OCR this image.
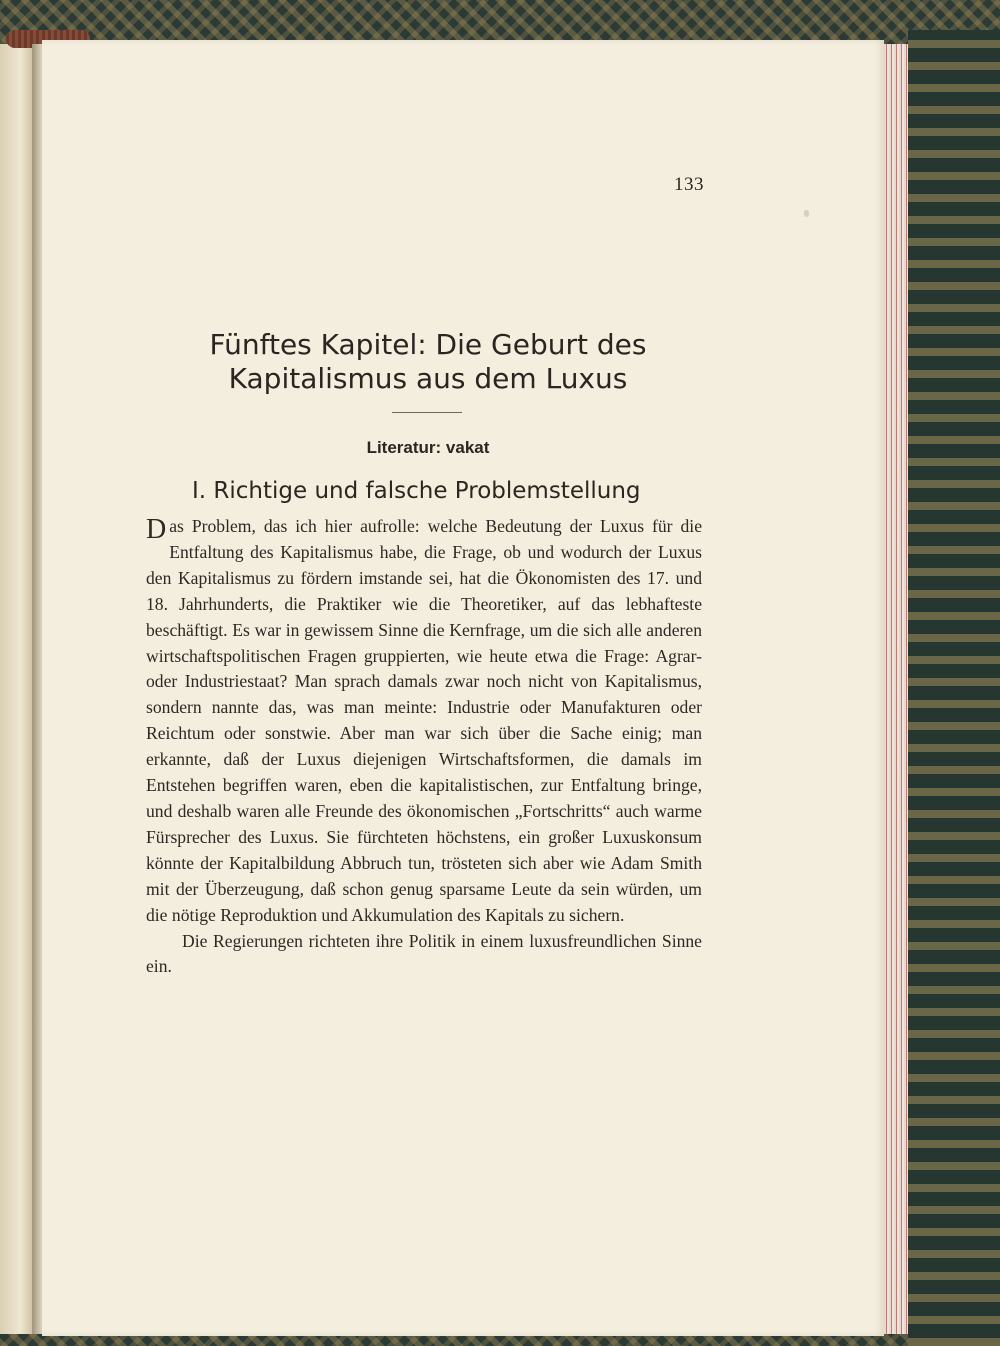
133
Fünftes Kapitel: Die Geburt des Kapitalismus aus dem Luxus
Literatur: vakat
I. Richtige und falsche Problemstellung

Das Problem, das ich hier aufrolle: welche Bedeutung der Luxus für die Entfaltung des Kapitalismus habe, die Frage, ob und wodurch der Luxus den Kapitalismus zu fördern imstande sei, hat die Ökonomisten des 17. und 18. Jahrhunderts, die Praktiker wie die Theoretiker, auf das lebhafteste beschäftigt. Es war in gewissem Sinne die Kernfrage, um die sich alle anderen wirtschaftspolitischen Fragen gruppierten, wie heute etwa die Frage: Agrar- oder Industriestaat? Man sprach damals zwar noch nicht von Kapitalismus, sondern nannte das, was man meinte: Industrie oder Manufakturen oder Reichtum oder sonstwie. Aber man war sich über die Sache einig; man erkannte, daß der Luxus diejenigen Wirtschaftsformen, die damals im Entstehen begriffen waren, eben die kapitalistischen, zur Entfaltung bringe, und deshalb waren alle Freunde des ökonomischen „Fortschritts“ auch warme Fürsprecher des Luxus. Sie fürchteten höchstens, ein großer Luxuskonsum könnte der Kapitalbildung Abbruch tun, trösteten sich aber wie Adam Smith mit der Überzeugung, daß schon genug sparsame Leute da sein würden, um die nötige Reproduktion und Akkumulation des Kapitals zu sichern.

Die Regierungen richteten ihre Politik in einem luxusfreundlichen Sinne ein.
